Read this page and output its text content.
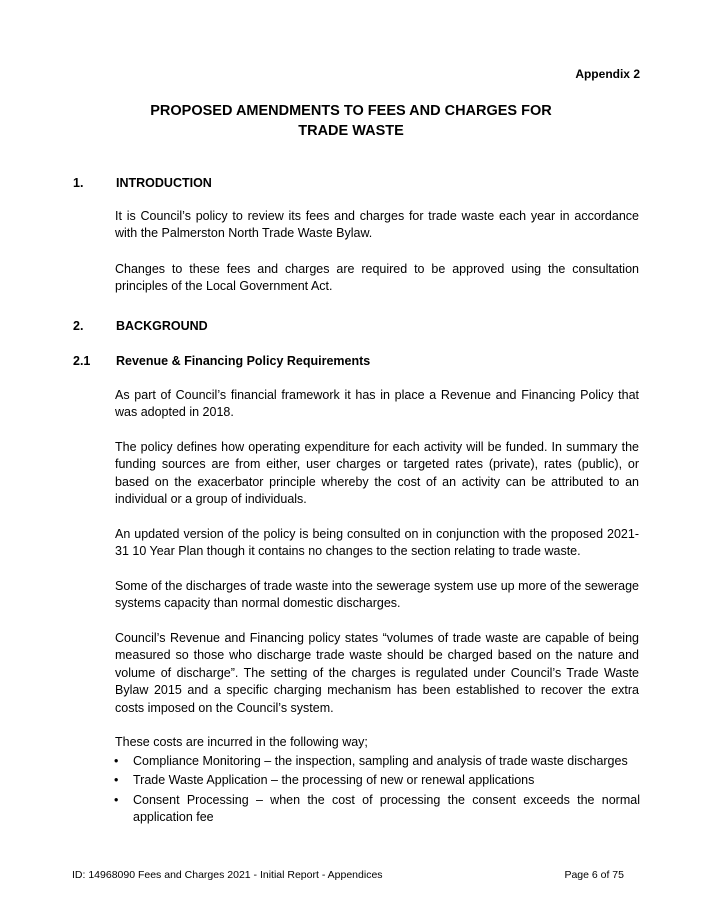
Appendix 2
PROPOSED AMENDMENTS TO FEES AND CHARGES FOR
TRADE WASTE
1.	INTRODUCTION
It is Council’s policy to review its fees and charges for trade waste each year in accordance with the Palmerston North Trade Waste Bylaw.
Changes to these fees and charges are required to be approved using the consultation principles of the Local Government Act.
2.	BACKGROUND
2.1 Revenue & Financing Policy Requirements
As part of Council’s financial framework it has in place a Revenue and Financing Policy that was adopted in 2018.
The policy defines how operating expenditure for each activity will be funded. In summary the funding sources are from either, user charges or targeted rates (private), rates (public), or based on the exacerbator principle whereby the cost of an activity can be attributed to an individual or a group of individuals.
An updated version of the policy is being consulted on in conjunction with the proposed 2021-31 10 Year Plan though it contains no changes to the section relating to trade waste.
Some of the discharges of trade waste into the sewerage system use up more of the sewerage systems capacity than normal domestic discharges.
Council’s Revenue and Financing policy states “volumes of trade waste are capable of being measured so those who discharge trade waste should be charged based on the nature and volume of discharge”. The setting of the charges is regulated under Council’s Trade Waste Bylaw 2015 and a specific charging mechanism has been established to recover the extra costs imposed on the Council’s system.
These costs are incurred in the following way;
• Compliance Monitoring – the inspection, sampling and analysis of trade waste discharges
• Trade Waste Application – the processing of new or renewal applications
• Consent Processing – when the cost of processing the consent exceeds the normal application fee
ID: 14968090 Fees and Charges 2021 - Initial Report - Appendices	Page 6 of 75
